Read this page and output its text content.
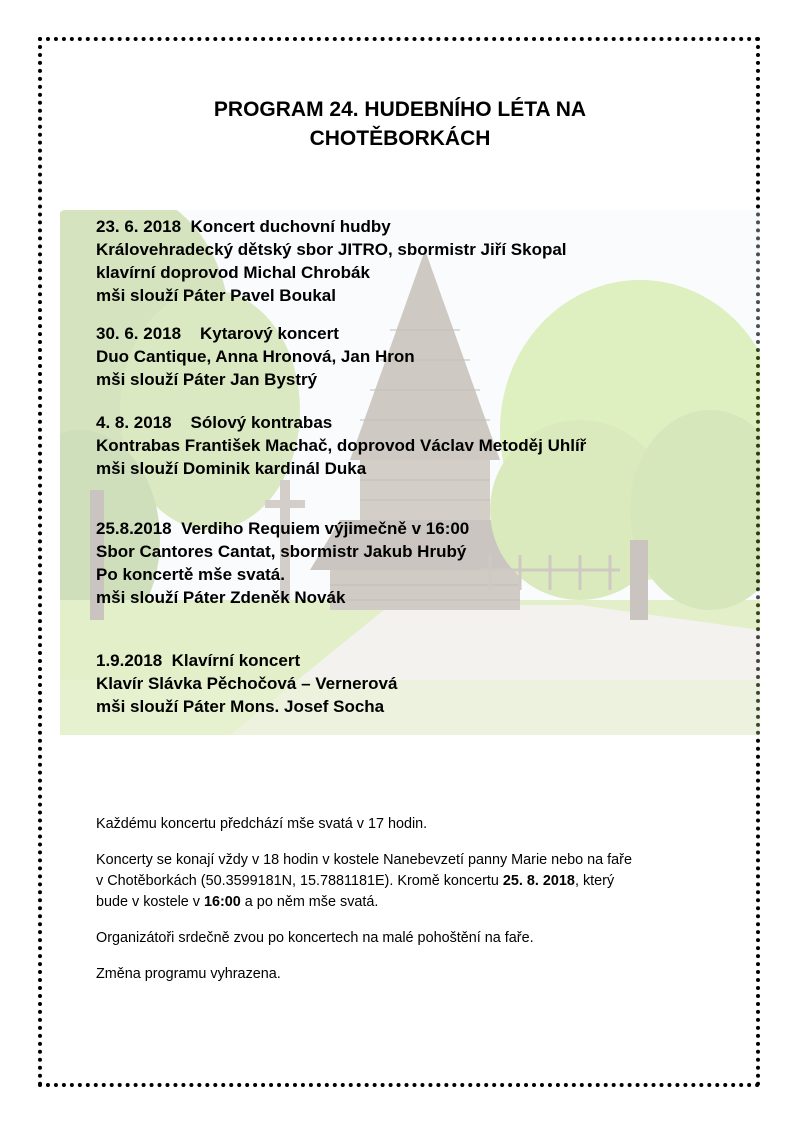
PROGRAM 24. HUDEBNÍHO LÉTA NA
CHOTĚBORKÁCH
23. 6. 2018  Koncert duchovní hudby
Královehradecký dětský sbor JITRO, sbormistr Jiří Skopal
klavírní doprovod Michal Chrobák
mši slouží Páter Pavel Boukal
30. 6. 2018    Kytarový koncert
Duo Cantique, Anna Hronová, Jan Hron
mši slouží Páter Jan Bystrý
4. 8. 2018    Sólový kontrabas
Kontrabas František Machač, doprovod Václav Metoděj Uhlíř
mši slouží Dominik kardinál Duka
25.8.2018  Verdiho Requiem výjimečně v 16:00
Sbor Cantores Cantat, sbormistr Jakub Hrubý
Po koncertě mše svatá.
mši slouží Páter Zdeněk Novák
1.9.2018  Klavírní koncert
Klavír Slávka Pěchočová – Vernerová
mši slouží Páter Mons. Josef Socha
Každému koncertu předchází mše svatá v 17 hodin.
Koncerty se konají vždy v 18 hodin v kostele Nanebevzetí panny Marie nebo na faře
v Chotěborkách (50.3599181N, 15.7881181E). Kromě koncertu 25. 8. 2018, který
bude v kostele v 16:00 a po něm mše svatá.
Organizátoři srdečně zvou po koncertech na malé pohoštění na faře.
Změna programu vyhrazena.
